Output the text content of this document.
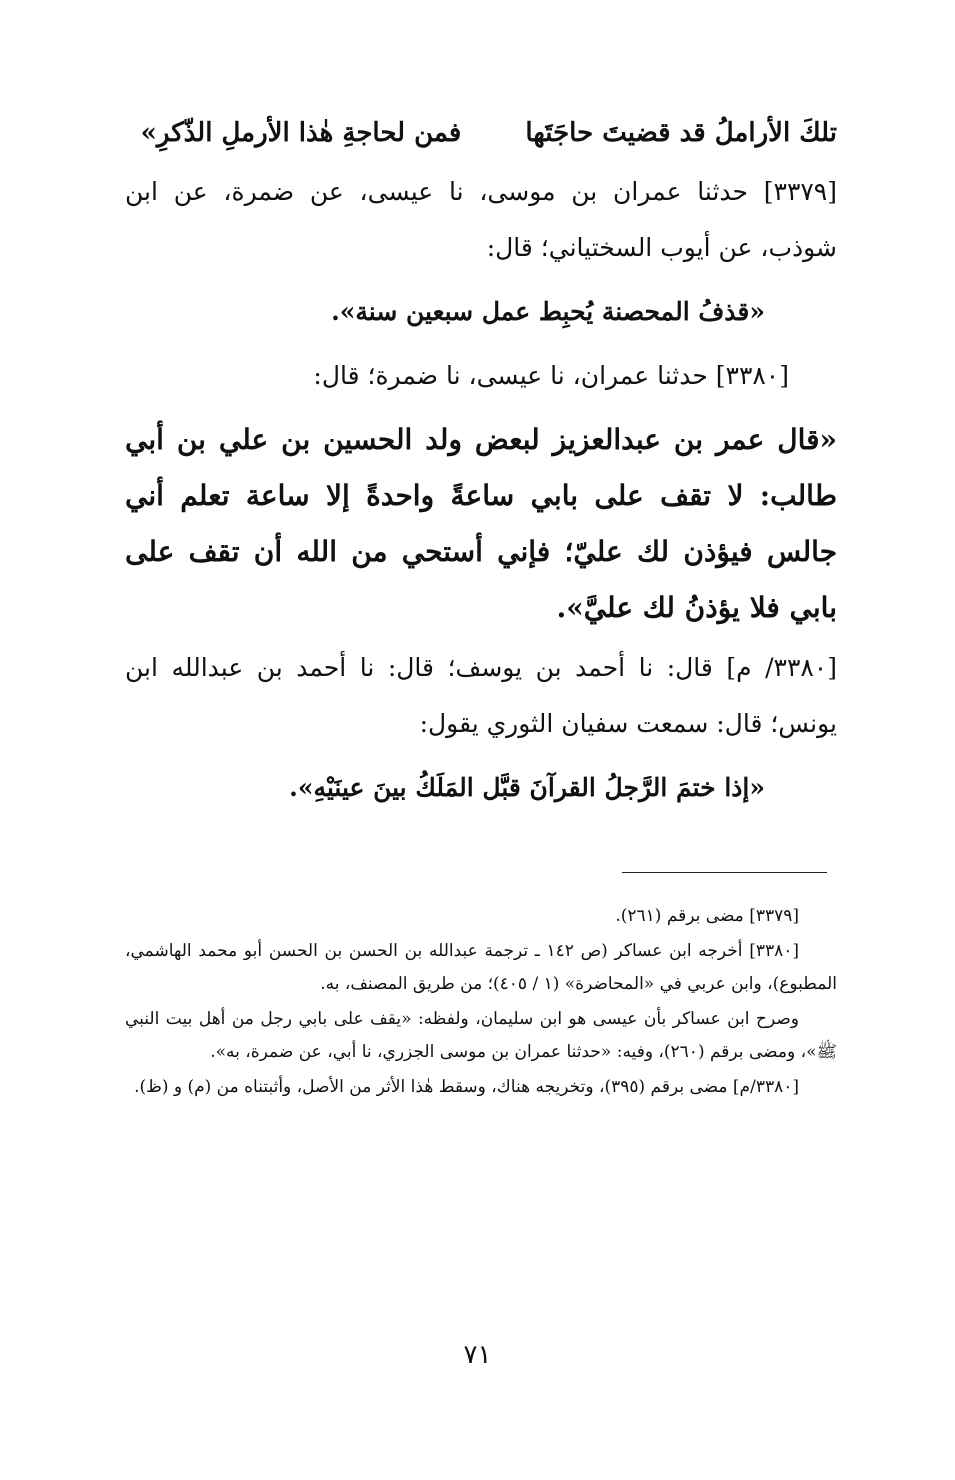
تلكَ الأراملُ قد قضيتَ حاجَتَها
فمن لحاجةِ هٰذا الأرملِ الذّكرِ»

[٣٣٧٩] حدثنا عمران بن موسى، نا عيسى، عن ضمرة، عن ابن شوذب، عن أيوب السختياني؛ قال:

«قذفُ المحصنة يُحبِط عمل سبعين سنة».

[٣٣٨٠] حدثنا عمران، نا عيسى، نا ضمرة؛ قال:

«قال عمر بن عبدالعزيز لبعض ولد الحسين بن علي بن أبي طالب: لا تقف على بابي ساعةً واحدةً إلا ساعة تعلم أني جالس فيؤذن لك عليّ؛ فإني أستحي من الله أن تقف على بابي فلا يؤذنُ لك عليَّ».

[٣٣٨٠/ م] قال: نا أحمد بن يوسف؛ قال: نا أحمد بن عبدالله ابن يونس؛ قال: سمعت سفيان الثوري يقول:

«إذا ختمَ الرَّجلُ القرآنَ قبَّل المَلَكُ بينَ عينَيْهِ».

[٣٣٧٩] مضى برقم (٢٦١).

[٣٣٨٠] أخرجه ابن عساكر (ص ١٤٢ ـ ترجمة عبدالله بن الحسن بن الحسن أبو محمد الهاشمي، المطبوع)، وابن عربي في «المحاضرة» (١ / ٤٠٥)؛ من طريق المصنف، به.

وصرح ابن عساكر بأن عيسى هو ابن سليمان، ولفظه: «يقف على بابي رجل من أهل بيت النبي ﷺ»، ومضى برقم (٢٦٠)، وفيه: «حدثنا عمران بن موسى الجزري، نا أبي، عن ضمرة، به».

[٣٣٨٠/م] مضى برقم (٣٩٥)، وتخريجه هناك، وسقط هٰذا الأثر من الأصل، وأثبتناه من (م) و (ظ).

٧١
